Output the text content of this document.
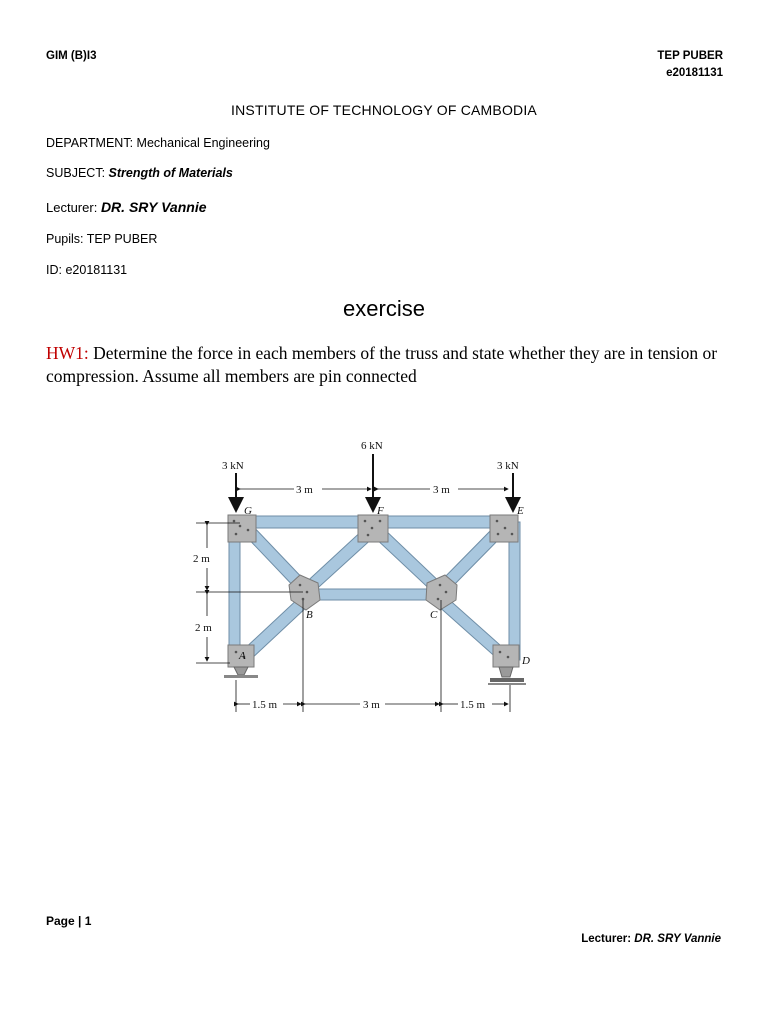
GIM (B)I3	TEP PUBER
e20181131
INSTITUTE OF TECHNOLOGY OF CAMBODIA
DEPARTMENT: Mechanical Engineering
SUBJECT: Strength of Materials
Lecturer: DR. SRY Vannie
Pupils: TEP PUBER
ID: e20181131
exercise
HW1: Determine the force in each members of the truss and state whether they are in tension or compression. Assume all members are pin connected
3 kN
6 kN
3 kN
3 m	3 m
2 m
2 m
1.5 m	3 m	1.5 m
G	F	E
A
B	C
D
Page | 1
Lecturer: DR. SRY Vannie
